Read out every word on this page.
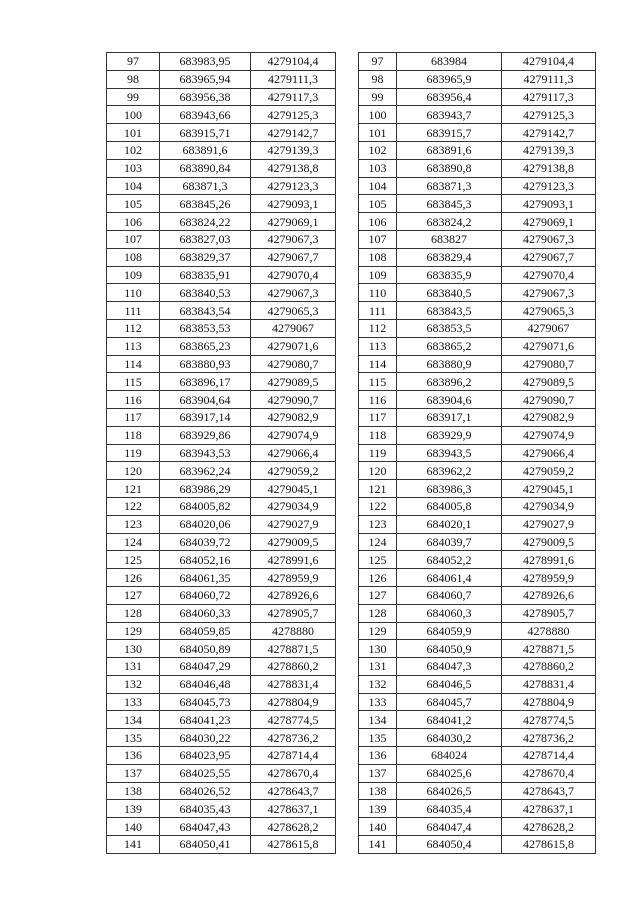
97	683983,95	4279104,4
98	683965,94	4279111,3
99	683956,38	4279117,3
100	683943,66	4279125,3
101	683915,71	4279142,7
102	683891,6	4279139,3
103	683890,84	4279138,8
104	683871,3	4279123,3
105	683845,26	4279093,1
106	683824,22	4279069,1
107	683827,03	4279067,3
108	683829,37	4279067,7
109	683835,91	4279070,4
110	683840,53	4279067,3
111	683843,54	4279065,3
112	683853,53	4279067
113	683865,23	4279071,6
114	683880,93	4279080,7
115	683896,17	4279089,5
116	683904,64	4279090,7
117	683917,14	4279082,9
118	683929,86	4279074,9
119	683943,53	4279066,4
120	683962,24	4279059,2
121	683986,29	4279045,1
122	684005,82	4279034,9
123	684020,06	4279027,9
124	684039,72	4279009,5
125	684052,16	4278991,6
126	684061,35	4278959,9
127	684060,72	4278926,6
128	684060,33	4278905,7
129	684059,85	4278880
130	684050,89	4278871,5
131	684047,29	4278860,2
132	684046,48	4278831,4
133	684045,73	4278804,9
134	684041,23	4278774,5
135	684030,22	4278736,2
136	684023,95	4278714,4
137	684025,55	4278670,4
138	684026,52	4278643,7
139	684035,43	4278637,1
140	684047,43	4278628,2
141	684050,41	4278615,8
97	683984	4279104,4
98	683965,9	4279111,3
99	683956,4	4279117,3
100	683943,7	4279125,3
101	683915,7	4279142,7
102	683891,6	4279139,3
103	683890,8	4279138,8
104	683871,3	4279123,3
105	683845,3	4279093,1
106	683824,2	4279069,1
107	683827	4279067,3
108	683829,4	4279067,7
109	683835,9	4279070,4
110	683840,5	4279067,3
111	683843,5	4279065,3
112	683853,5	4279067
113	683865,2	4279071,6
114	683880,9	4279080,7
115	683896,2	4279089,5
116	683904,6	4279090,7
117	683917,1	4279082,9
118	683929,9	4279074,9
119	683943,5	4279066,4
120	683962,2	4279059,2
121	683986,3	4279045,1
122	684005,8	4279034,9
123	684020,1	4279027,9
124	684039,7	4279009,5
125	684052,2	4278991,6
126	684061,4	4278959,9
127	684060,7	4278926,6
128	684060,3	4278905,7
129	684059,9	4278880
130	684050,9	4278871,5
131	684047,3	4278860,2
132	684046,5	4278831,4
133	684045,7	4278804,9
134	684041,2	4278774,5
135	684030,2	4278736,2
136	684024	4278714,4
137	684025,6	4278670,4
138	684026,5	4278643,7
139	684035,4	4278637,1
140	684047,4	4278628,2
141	684050,4	4278615,8
